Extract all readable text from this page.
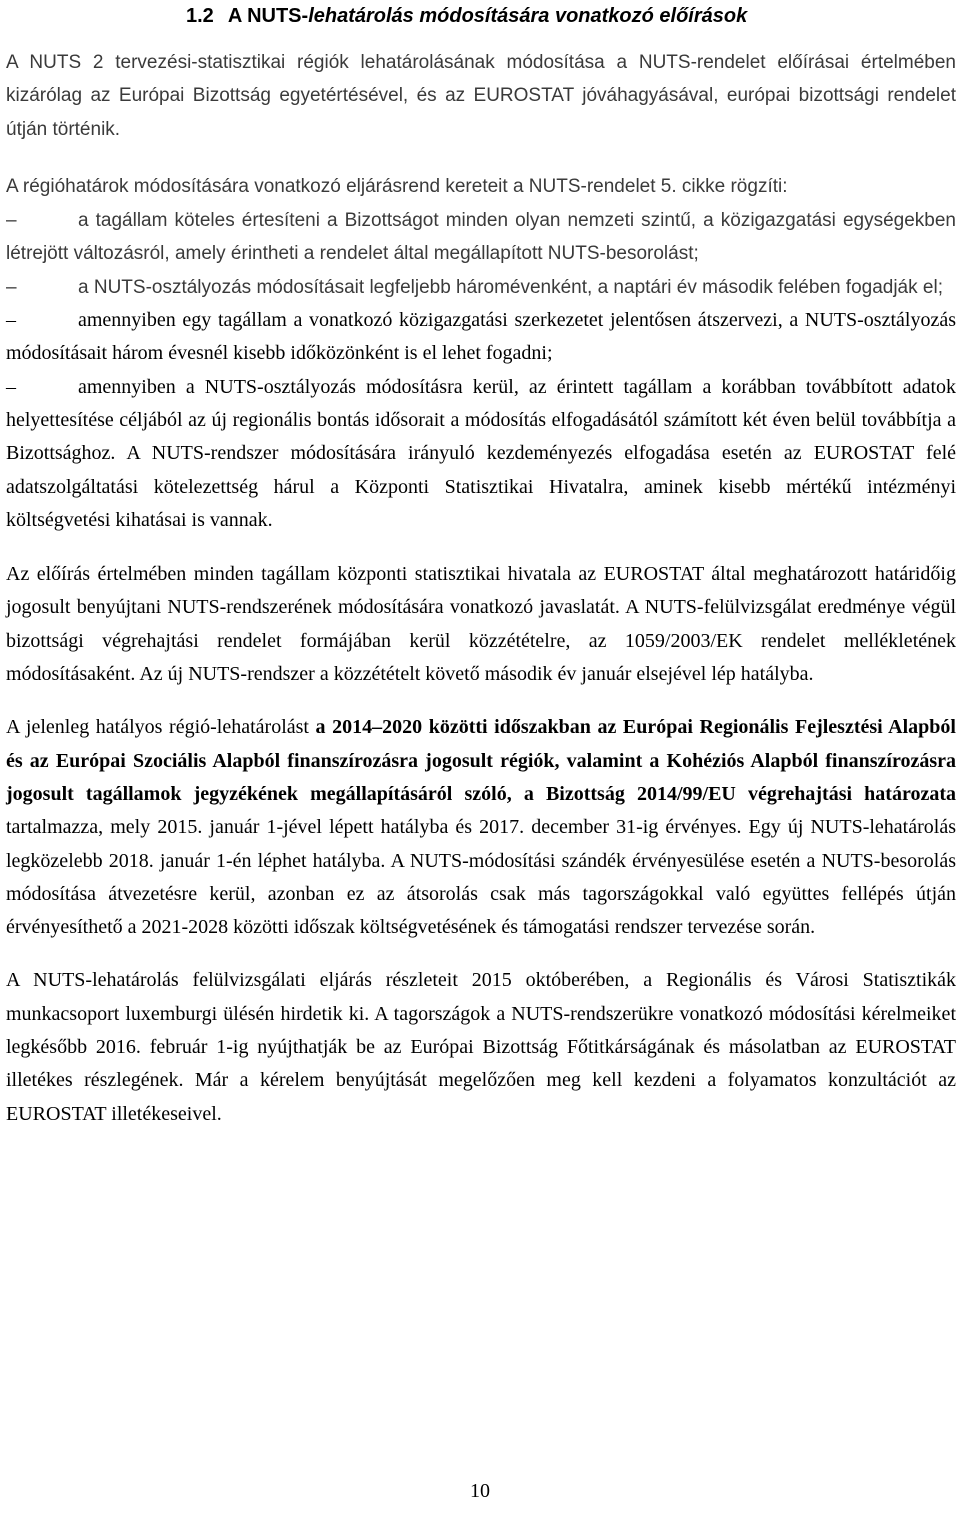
1.2 A NUTS-lehatárolás módosítására vonatkozó előírások

A NUTS 2 tervezési-statisztikai régiók lehatárolásának módosítása a NUTS-rendelet előírásai értelmében kizárólag az Európai Bizottság egyetértésével, és az EUROSTAT jóváhagyásával, európai bizottsági rendelet útján történik.

A régióhatárok módosítására vonatkozó eljárásrend kereteit a NUTS-rendelet 5. cikke rögzíti:

–	a tagállam köteles értesíteni a Bizottságot minden olyan nemzeti szintű, a közigazgatási egységekben létrejött változásról, amely érintheti a rendelet által megállapított NUTS-besorolást;

–	a NUTS-osztályozás módosításait legfeljebb háromévenként, a naptári év második felében fogadják el;

–	amennyiben egy tagállam a vonatkozó közigazgatási szerkezetet jelentősen átszervezi, a NUTS-osztályozás módosításait három évesnél kisebb időközönként is el lehet fogadni;

–	amennyiben a NUTS-osztályozás módosításra kerül, az érintett tagállam a korábban továbbított adatok helyettesítése céljából az új regionális bontás idősorait a módosítás elfogadásától számított két éven belül továbbítja a Bizottsághoz. A NUTS-rendszer módosítására irányuló kezdeményezés elfogadása esetén az EUROSTAT felé adatszolgáltatási kötelezettség hárul a Központi Statisztikai Hivatalra, aminek kisebb mértékű intézményi költségvetési kihatásai is vannak.

Az előírás értelmében minden tagállam központi statisztikai hivatala az EUROSTAT által meghatározott határidőig jogosult benyújtani NUTS-rendszerének módosítására vonatkozó javaslatát. A NUTS-felülvizsgálat eredménye végül bizottsági végrehajtási rendelet formájában kerül közzétételre, az 1059/2003/EK rendelet mellékletének módosításaként. Az új NUTS-rendszer a közzétételt követő második év január elsejével lép hatályba.

A jelenleg hatályos régió-lehatárolást a 2014–2020 közötti időszakban az Európai Regionális Fejlesztési Alapból és az Európai Szociális Alapból finanszírozásra jogosult régiók, valamint a Kohéziós Alapból finanszírozásra jogosult tagállamok jegyzékének megállapításáról szóló, a Bizottság 2014/99/EU végrehajtási határozata tartalmazza, mely 2015. január 1-jével lépett hatályba és 2017. december 31-ig érvényes. Egy új NUTS-lehatárolás legközelebb 2018. január 1-én léphet hatályba. A NUTS-módosítási szándék érvényesülése esetén a NUTS-besorolás módosítása átvezetésre kerül, azonban ez az átsorolás csak más tagországokkal való együttes fellépés útján érvényesíthető a 2021-2028 közötti időszak költségvetésének és támogatási rendszer tervezése során.

A NUTS-lehatárolás felülvizsgálati eljárás részleteit 2015 októberében, a Regionális és Városi Statisztikák munkacsoport luxemburgi ülésén hirdetik ki. A tagországok a NUTS-rendszerükre vonatkozó módosítási kérelmeiket legkésőbb 2016. február 1-ig nyújthatják be az Európai Bizottság Főtitkárságának és másolatban az EUROSTAT illetékes részlegének. Már a kérelem benyújtását megelőzően meg kell kezdeni a folyamatos konzultációt az EUROSTAT illetékeseivel.

10
